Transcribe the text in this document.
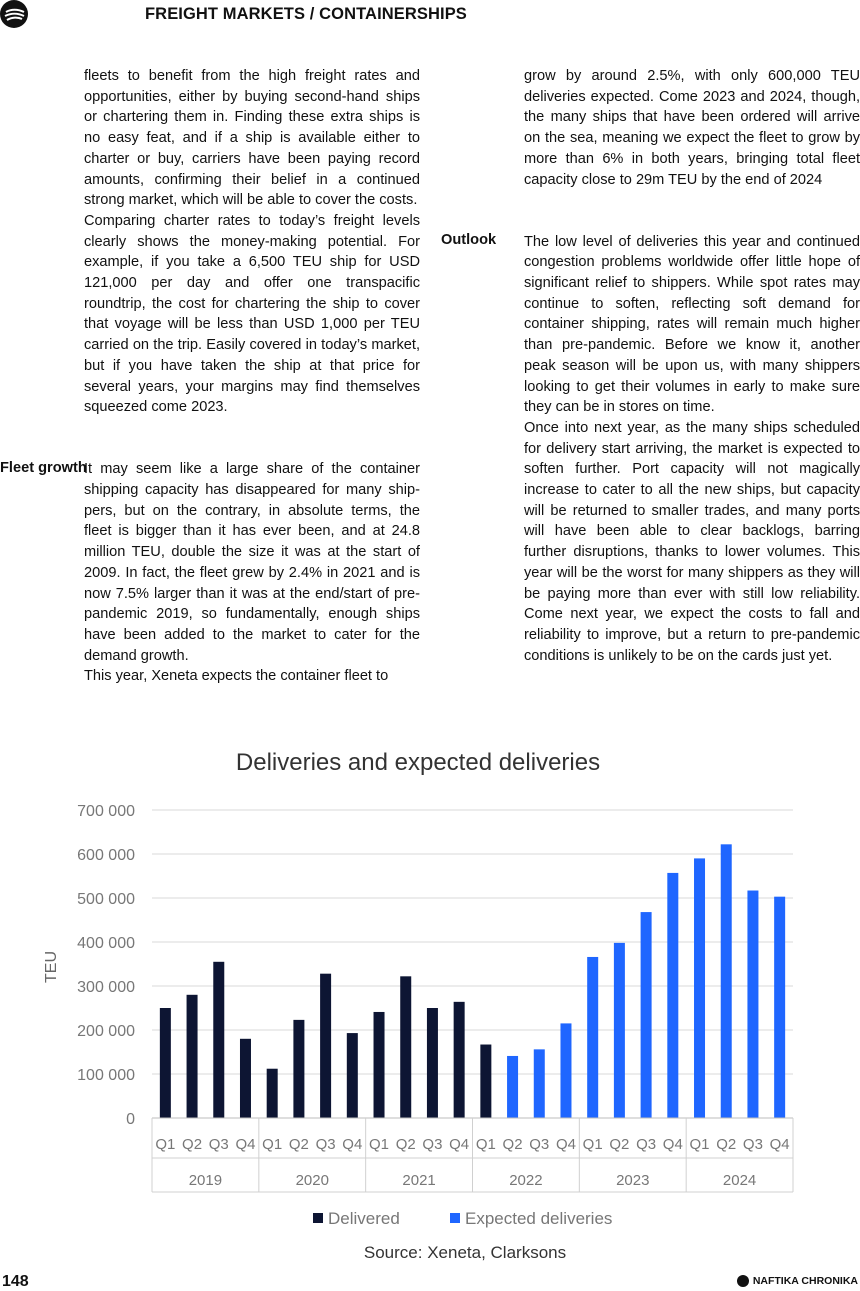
FREIGHT MARKETS / CONTAINERSHIPS

fleets to benefit from the high freight rates and opportunities, either by buying second-hand ships or chartering them in. Finding these extra ships is no easy feat, and if a ship is available either to charter or buy, carriers have been paying record amounts, confirming their belief in a continued strong market, which will be able to cover the costs.

Comparing charter rates to today’s freight levels clearly shows the money-making potential. For example, if you take a 6,500 TEU ship for USD 121,000 per day and offer one transpacific roundtrip, the cost for chartering the ship to cover that voyage will be less than USD 1,000 per TEU carried on the trip. Easily covered in today’s market, but if you have taken the ship at that price for several years, your margins may find themselves squeezed come 2023.

It may seem like a large share of the container shipping capacity has disappeared for many shippers, but on the contrary, in absolute terms, the fleet is bigger than it has ever been, and at 24.8 million TEU, double the size it was at the start of 2009. In fact, the fleet grew by 2.4% in 2021 and is now 7.5% larger than it was at the end/start of pre-pandemic 2019, so fundamentally, enough ships have been added to the market to cater for the demand growth.

This year, Xeneta expects the container fleet to

Fleet growth

grow by around 2.5%, with only 600,000 TEU deliveries expected. Come 2023 and 2024, though, the many ships that have been ordered will arrive on the sea, meaning we expect the fleet to grow by more than 6% in both years, bringing total fleet capacity close to 29m TEU by the end of 2024

The low level of deliveries this year and continued congestion problems worldwide offer little hope of significant relief to shippers. While spot rates may continue to soften, reflecting soft demand for container shipping, rates will remain much higher than pre-pandemic. Before we know it, another peak season will be upon us, with many shippers looking to get their volumes in early to make sure they can be in stores on time.

Once into next year, as the many ships scheduled for delivery start arriving, the market is expected to soften further. Port capacity will not magically increase to cater to all the new ships, but capacity will be returned to smaller trades, and many ports will have been able to clear backlogs, barring further disruptions, thanks to lower volumes. This year will be the worst for many shippers as they will be paying more than ever with still low reliability. Come next year, we expect the costs to fall and reliability to improve, but a return to pre-pandemic conditions is unlikely to be on the cards just yet.

Outlook
Deliveries and expected deliveries
0
100 000
200 000
300 000
400 000
500 000
600 000
700 000
Q1 Q2 Q3 Q4 Q1 Q2 Q3 Q4 Q1 Q2 Q3 Q4 Q1 Q2 Q3 Q4 Q1 Q2 Q3 Q4 Q1 Q2 Q3 Q4
2019	2020	2021	2022	2023	2024
TEU
Delivered	Expected deliveries
Source: Xeneta, Clarksons
148	NAFTIKA CHRONIKA
